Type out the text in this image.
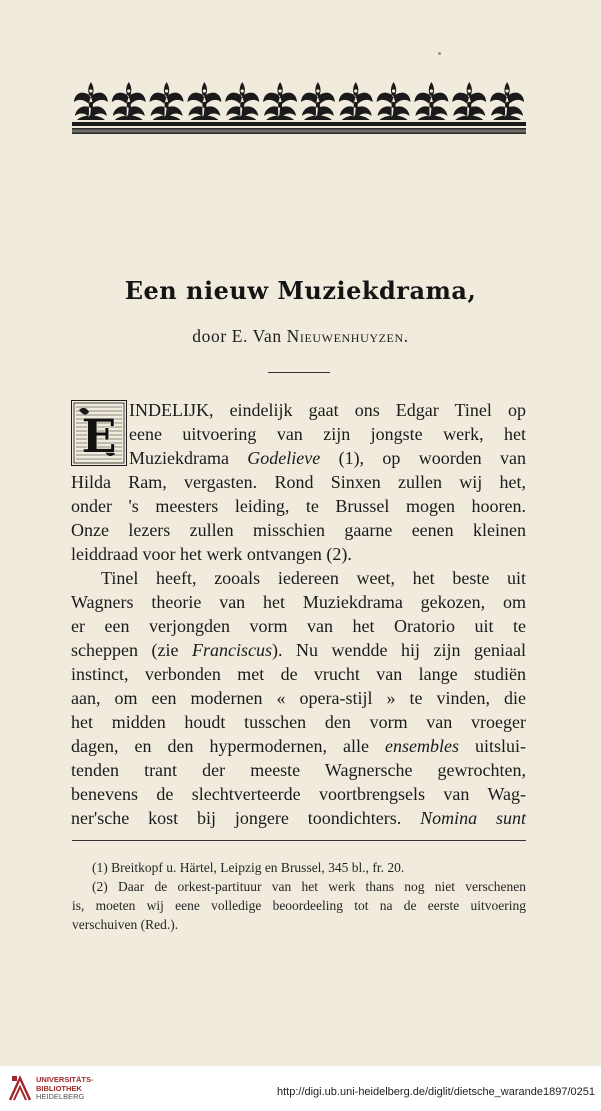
Een nieuw Muziekdrama,
door E. Van Nieuwenhuyzen.
E INDELIJK, eindelijk gaat ons Edgar Tinel op
eene uitvoering van zijn jongste werk, het
Muziekdrama Godelieve (1), op woorden van
Hilda Ram, vergasten. Rond Sinxen zullen wij het,
onder 's meesters leiding, te Brussel mogen hooren.
Onze lezers zullen misschien gaarne eenen kleinen
leiddraad voor het werk ontvangen (2).
Tinel heeft, zooals iedereen weet, het beste uit
Wagners theorie van het Muziekdrama gekozen, om
er een verjongden vorm van het Oratorio uit te
scheppen (zie Franciscus). Nu wendde hij zijn geniaal
instinct, verbonden met de vrucht van lange studiën
aan, om een modernen « opera-stijl » te vinden, die
het midden houdt tusschen den vorm van vroeger
dagen, en den hypermodernen, alle ensembles uitslui-
tenden trant der meeste Wagnersche gewrochten,
benevens de slechtverteerde voortbrengsels van Wag-
ner'sche kost bij jongere toondichters. Nomina sunt
(1) Breitkopf u. Härtel, Leipzig en Brussel, 345 bl., fr. 20.
(2) Daar de orkest-partituur van het werk thans nog niet verschenen
is, moeten wij eene volledige beoordeeling tot na de eerste uitvoering
verschuiven (Red.).
UNIVERSITÄTS-
BIBLIOTHEK
HEIDELBERG	http://digi.ub.uni-heidelberg.de/diglit/dietsche_warande1897/0251
